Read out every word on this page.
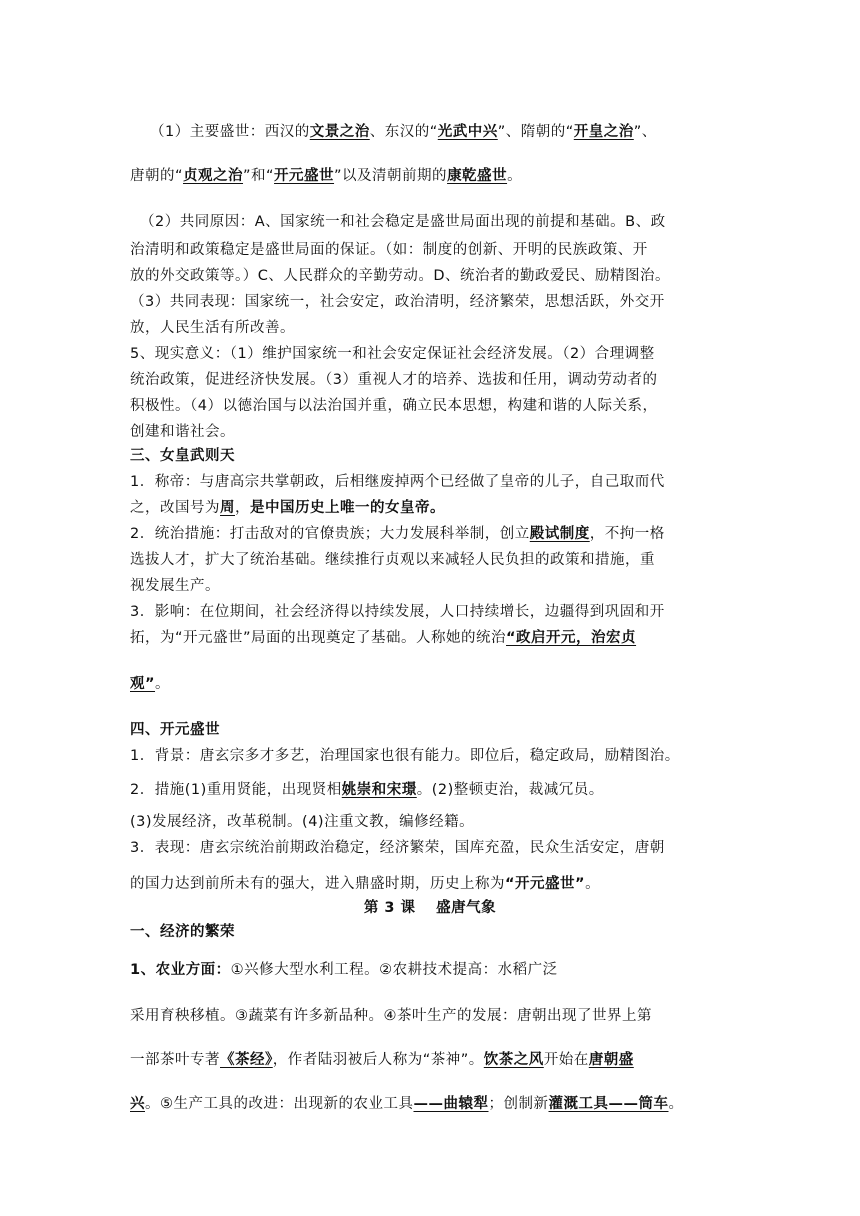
（1）主要盛世：西汉的文景之治、东汉的“光武中兴”、隋朝的“开皇之治”、
唐朝的“贞观之治”和“开元盛世”以及清朝前期的康乾盛世。
（2）共同原因：A、国家统一和社会稳定是盛世局面出现的前提和基础。B、政
治清明和政策稳定是盛世局面的保证。（如：制度的创新、开明的民族政策、开
放的外交政策等。）C、人民群众的辛勤劳动。D、统治者的勤政爱民、励精图治。
（3）共同表现：国家统一，社会安定，政治清明，经济繁荣，思想活跃，外交开
放，人民生活有所改善。
5、现实意义：（1）维护国家统一和社会安定保证社会经济发展。（2）合理调整
统治政策，促进经济快发展。（3）重视人才的培养、选拔和任用，调动劳动者的
积极性。（4）以德治国与以法治国并重，确立民本思想，构建和谐的人际关系，
创建和谐社会。
三、女皇武则天
1．称帝：与唐高宗共掌朝政，后相继废掉两个已经做了皇帝的儿子，自己取而代
之，改国号为周，是中国历史上唯一的女皇帝。
2．统治措施：打击敌对的官僚贵族；大力发展科举制，创立殿试制度，不拘一格
选拔人才，扩大了统治基础。继续推行贞观以来减轻人民负担的政策和措施，重
视发展生产。
3．影响：在位期间，社会经济得以持续发展，人口持续增长，边疆得到巩固和开
拓，为“开元盛世”局面的出现奠定了基础。人称她的统治“政启开元，治宏贞
观”。
四、开元盛世
1．背景：唐玄宗多才多艺，治理国家也很有能力。即位后，稳定政局，励精图治。
2．措施(1)重用贤能，出现贤相姚崇和宋璟。(2)整顿吏治，裁减冗员。
(3)发展经济，改革税制。(4)注重文教，编修经籍。
3．表现：唐玄宗统治前期政治稳定，经济繁荣，国库充盈，民众生活安定，唐朝
的国力达到前所未有的强大，进入鼎盛时期，历史上称为“开元盛世”。
第 3 课　 盛唐气象
一、经济的繁荣
1、农业方面：①兴修大型水利工程。②农耕技术提高：水稻广泛
采用育秧移植。③蔬菜有许多新品种。④茶叶生产的发展：唐朝出现了世界上第
一部茶叶专著《茶经》，作者陆羽被后人称为“茶神”。饮茶之风开始在唐朝盛
兴。⑤生产工具的改进：出现新的农业工具——曲辕犁；创制新灌溉工具——筒车。
